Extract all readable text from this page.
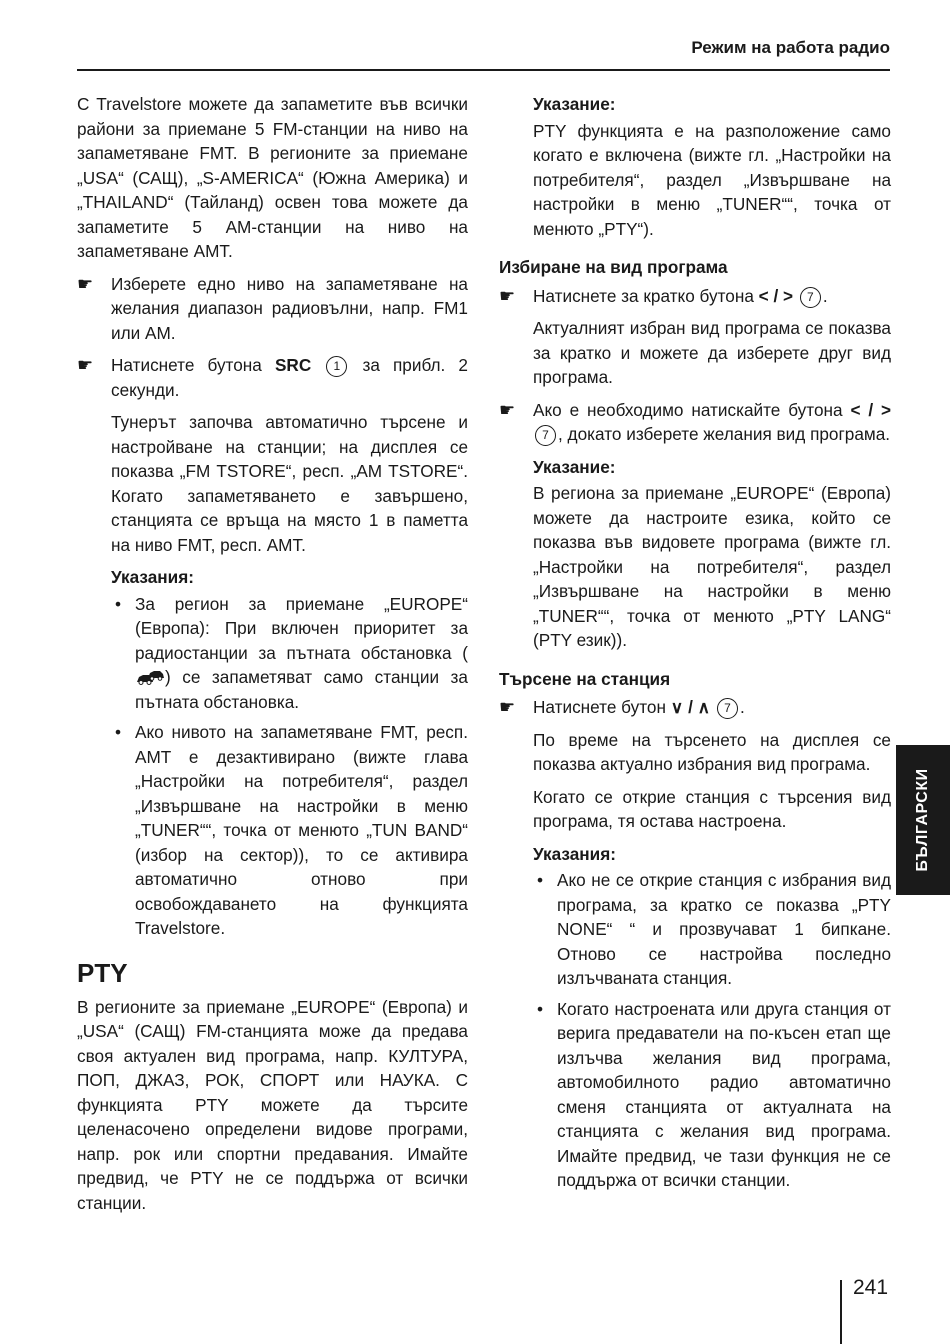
Режим на работа радио

С Travelstore можете да запаметите във всички райони за приемане 5 FM-станции на ниво на запаметяване FMT. В регионите за приемане „USA“ (САЩ), „S-AMERICA“ (Южна Америка) и „THAILAND“ (Тайланд) освен това можете да запаметите 5 AM-станции на ниво на запаметяване AMT.

☛ Изберете едно ниво на запаметяване на желания диапазон радиовълни, напр. FM1 или AM.
☛ Натиснете бутона SRC 1 за прибл. 2 секунди.

Тунерът започва автоматично търсене и настройване на станции; на дисплея се показва „FM TSTORE“, респ. „AM TSTORE“. Когато запаметяването е завършено, станцията се връща на място 1 в паметта на ниво FMT, респ. AMT.

Указания:

• За регион за приемане „EUROPE“ (Европа): При включен приоритет за радиостанции за пътната обстановка () се запаметяват само станции за пътната обстановка.
• Ако нивото на запаметяване FMT, респ. AMT е дезактивирано (вижте глава „Настройки на потребителя“, раздел „Извършване на настройки в меню „TUNER““, точка от менюто „TUN BAND“ (избор на сектор)), то се активира автоматично отново при освобождаването на функцията Travelstore.
PTY

В регионите за приемане „EUROPE“ (Европа) и „USA“ (САЩ) FM-станцията може да предава своя актуален вид програма, напр. КУЛТУРА, ПОП, ДЖАЗ, РОК, СПОРТ или НАУКА. С функцията PTY можете да търсите целенасочено определени видове програми, напр. рок или спортни предавания. Имайте предвид, че PTY не се поддържа от всички станции.

Указание:

PTY функцията е на разположение само когато е включена (вижте гл. „Настройки на потребителя“, раздел „Извършване на настройки в меню „TUNER““, точка от менюто „PTY“).

Избиране на вид програма

☛ Натиснете за кратко бутона < / > 7 .

Актуалният избран вид програма се показва за кратко и можете да изберете друг вид програма.

☛ Ако е необходимо натискайте бутона < / > 7 , докато изберете желания вид програма.

Указание:

В региона за приемане „EUROPE“ (Европа) можете да настроите езика, който се показва във видовете програма (вижте гл. „Настройки на потребителя“, раздел „Извършване на настройки в меню „TUNER““, точка от менюто „PTY LANG“ (PTY език)).

Търсене на станция

☛ Натиснете бутон ∨ / ∧ 7 .

По време на търсенето на дисплея се показва актуално избрания вид програма.

Когато се открие станция с търсения вид програма, тя остава настроена.

Указания:

• Ако не се открие станция с избрания вид програма, за кратко се показва „PTY NONE“ “ и прозвучават 1 бипкане. Отново се настройва последно излъчваната станция.
• Когато настроената или друга станция от верига предаватели на по-късен етап ще излъчва желания вид програма, автомобилното радио автоматично сменя станцията от актуалната на станцията с желания вид програма. Имайте предвид, че тази функция не се поддържа от всички станции.
БЪЛГАРСКИ
241
